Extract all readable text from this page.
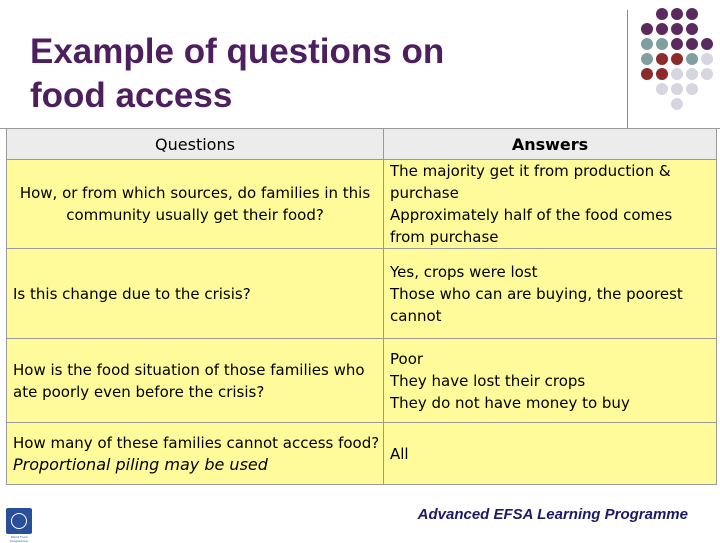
Example of questions on
food access
Questions	Answers
How, or from which sources, do families in this community usually get their food?	The majority get it from production &
purchase
Approximately half of the food comes
from purchase

Is this change due to the crisis?	Yes, crops were lost
Those who can are buying, the poorest
cannot

How is the food situation of those families who ate poorly even before the crisis?	Poor
They have lost their crops
They do not have money to buy

How many of these families cannot access food? Proportional piling may be used	All
World Food Programme
Advanced EFSA Learning Programme
